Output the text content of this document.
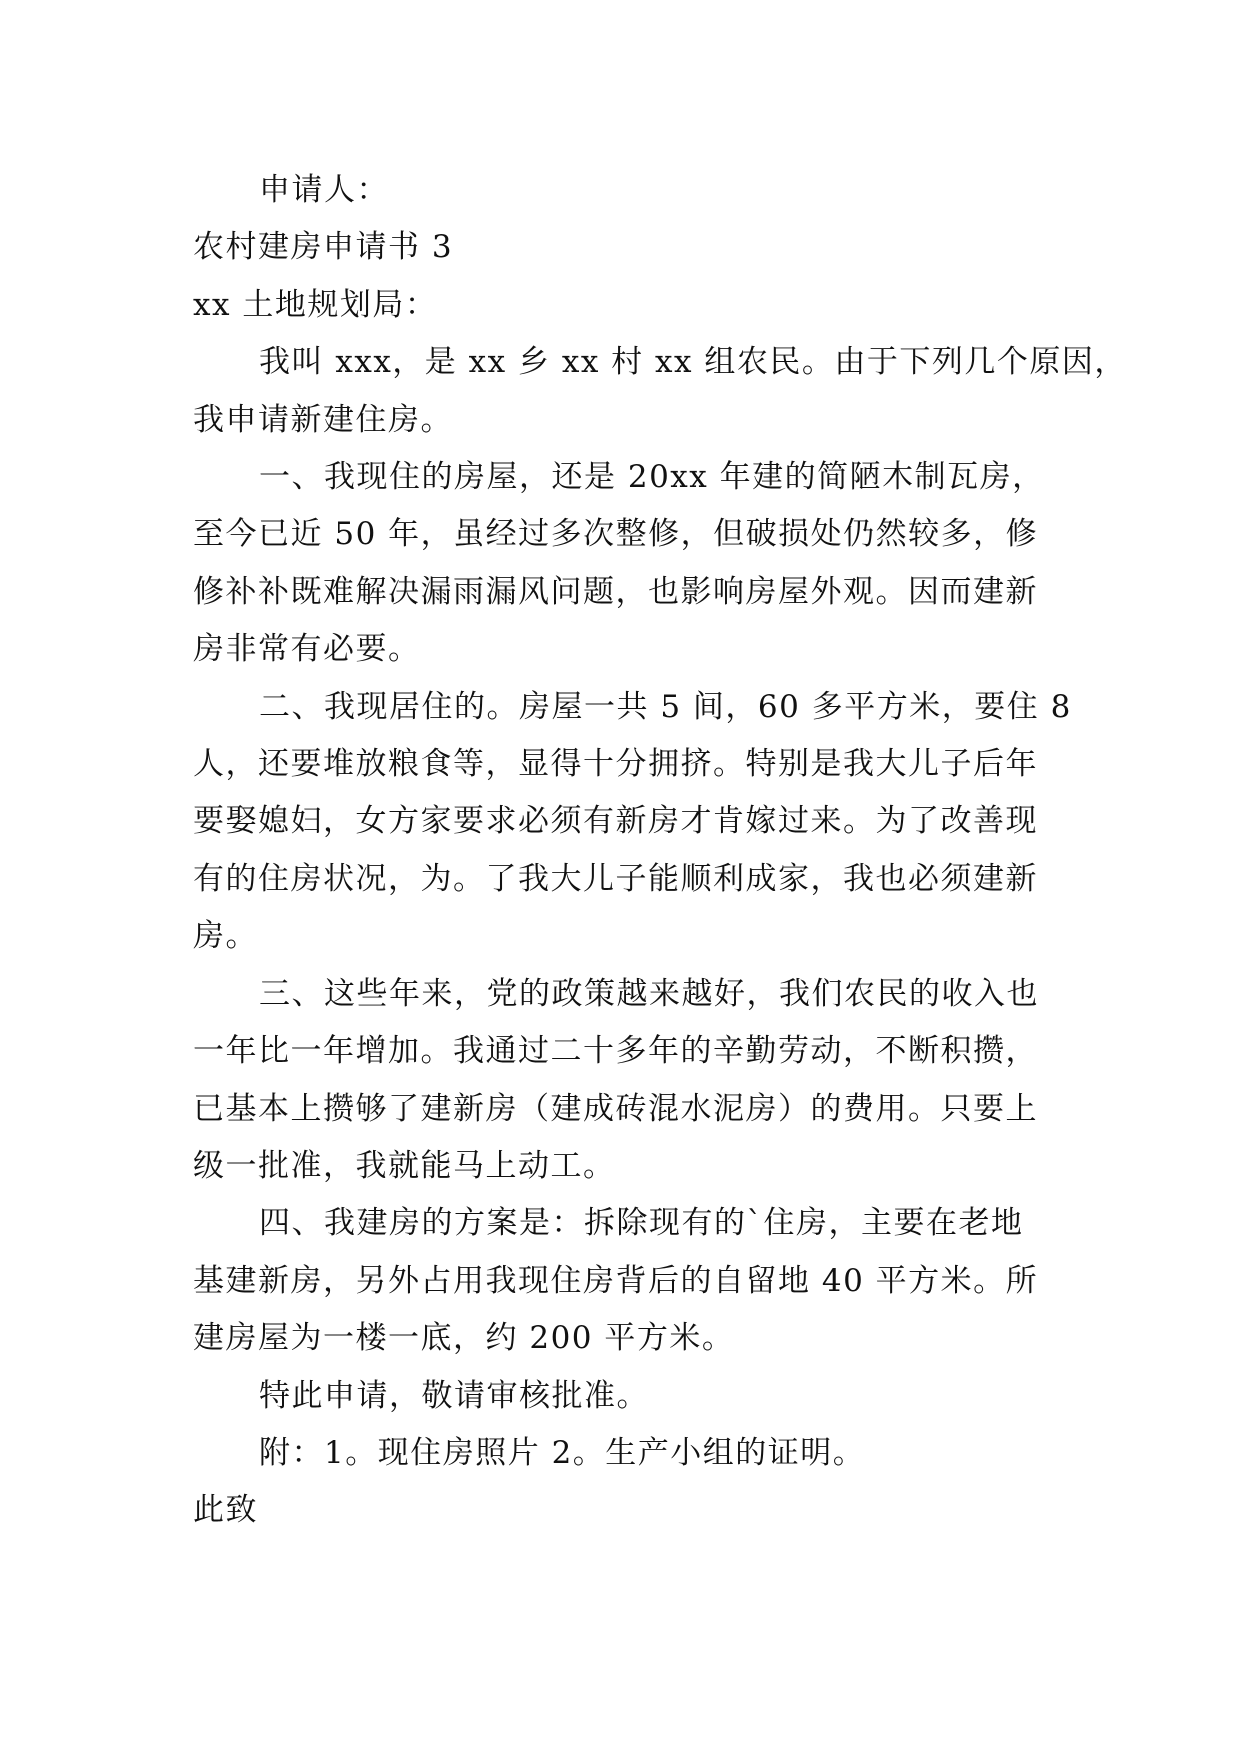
申请人：
农村建房申请书 3
xx 土地规划局：
我叫 xxx，是 xx 乡 xx 村 xx 组农民。由于下列几个原因，
我申请新建住房。
一、我现住的房屋，还是 20xx 年建的简陋木制瓦房，
至今已近 50 年，虽经过多次整修，但破损处仍然较多，修
修补补既难解决漏雨漏风问题，也影响房屋外观。因而建新
房非常有必要。
二、我现居住的。房屋一共 5 间，60 多平方米，要住 8
人，还要堆放粮食等，显得十分拥挤。特别是我大儿子后年
要娶媳妇，女方家要求必须有新房才肯嫁过来。为了改善现
有的住房状况，为。了我大儿子能顺利成家，我也必须建新
房。
三、这些年来，党的政策越来越好，我们农民的收入也
一年比一年增加。我通过二十多年的辛勤劳动，不断积攒，
已基本上攒够了建新房（建成砖混水泥房）的费用。只要上
级一批准，我就能马上动工。
四、我建房的方案是：拆除现有的`住房，主要在老地
基建新房，另外占用我现住房背后的自留地 40 平方米。所
建房屋为一楼一底，约 200 平方米。
特此申请，敬请审核批准。
附：1。现住房照片 2。生产小组的证明。
此致
